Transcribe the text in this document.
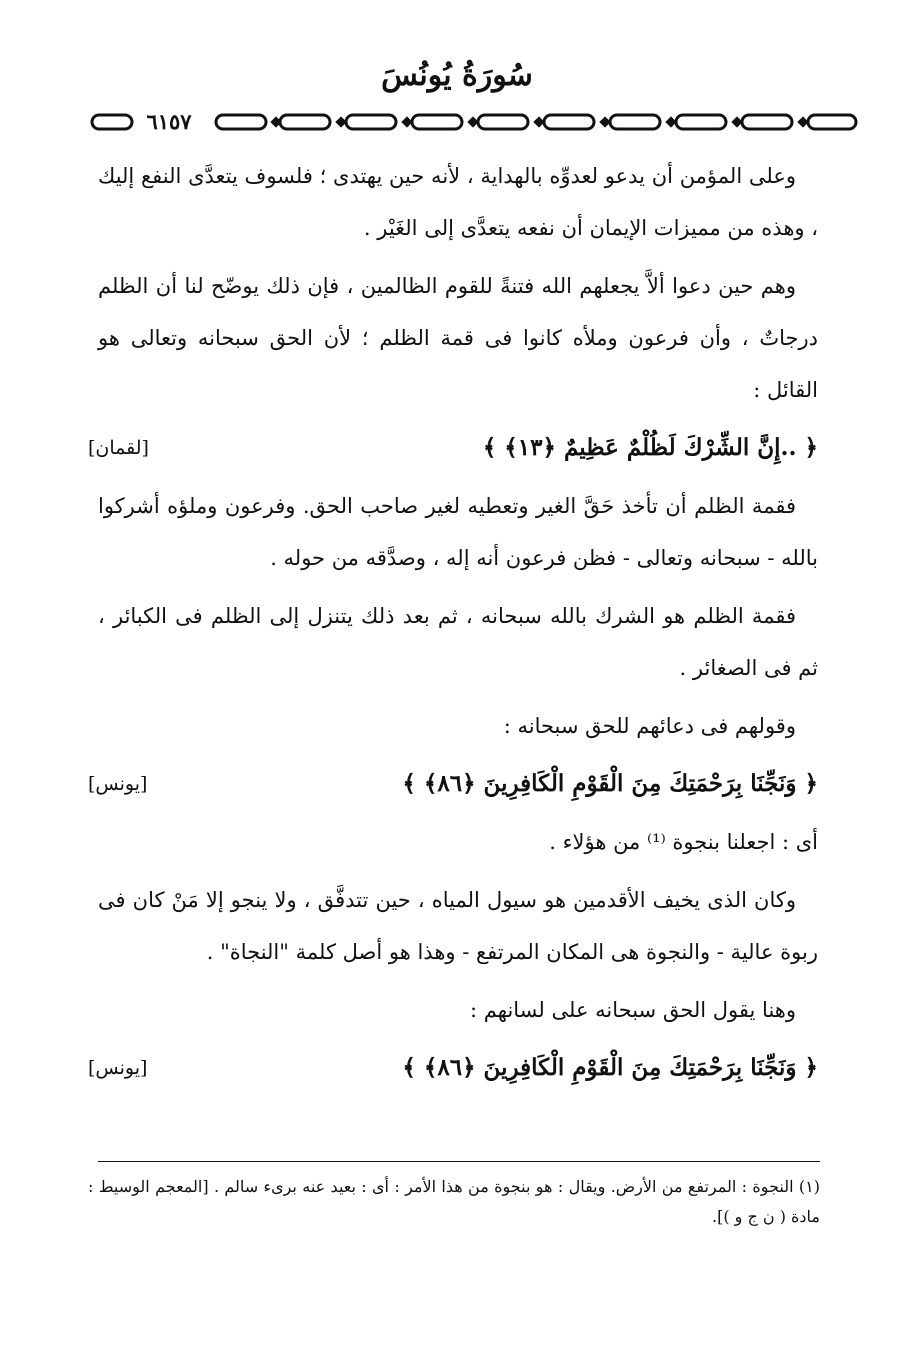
سُورَةُ يُونُسَ
٦١٥٧

وعلى المؤمن أن يدعو لعدوِّه بالهداية ، لأنه حين يهتدى ؛ فلسوف يتعدَّى النفع إليك ، وهذه من مميزات الإيمان أن نفعه يتعدَّى إلى الغَيْر .

وهم حين دعوا ألاَّ يجعلهم الله فتنةً للقوم الظالمين ، فإن ذلك يوضّح لنا أن الظلم درجاتٌ ، وأن فرعون وملأه كانوا فى قمة الظلم ؛ لأن الحق سبحانه وتعالى هو القائل :

﴿ ..إِنَّ الشِّرْكَ لَظُلْمٌ عَظِيمٌ ﴿١٣﴾ ﴾
[لقمان]

فقمة الظلم أن تأخذ حَقَّ الغير وتعطيه لغير صاحب الحق. وفرعون وملؤه أشركوا بالله - سبحانه وتعالى - فظن فرعون أنه إله ، وصدَّقه من حوله .

فقمة الظلم هو الشرك بالله سبحانه ، ثم بعد ذلك يتنزل إلى الظلم فى الكبائر ، ثم فى الصغائر .

وقولهم فى دعائهم للحق سبحانه :

﴿ وَنَجِّنَا بِرَحْمَتِكَ مِنَ الْقَوْمِ الْكَافِرِينَ ﴿٨٦﴾ ﴾
[يونس]

أى : اجعلنا بنجوة ⁽¹⁾ من هؤلاء .

وكان الذى يخيف الأقدمين هو سيول المياه ، حين تتدفَّق ، ولا ينجو إلا مَنْ كان فى ربوة عالية - والنجوة هى المكان المرتفع - وهذا هو أصل كلمة "النجاة" .

وهنا يقول الحق سبحانه على لسانهم :

﴿ وَنَجِّنَا بِرَحْمَتِكَ مِنَ الْقَوْمِ الْكَافِرِينَ ﴿٨٦﴾ ﴾
[يونس]
(١) النجوة : المرتفع من الأرض. ويقال : هو بنجوة من هذا الأمر : أى : بعيد عنه برىء سالم . [المعجم الوسيط : مادة ( ن ج و )].
